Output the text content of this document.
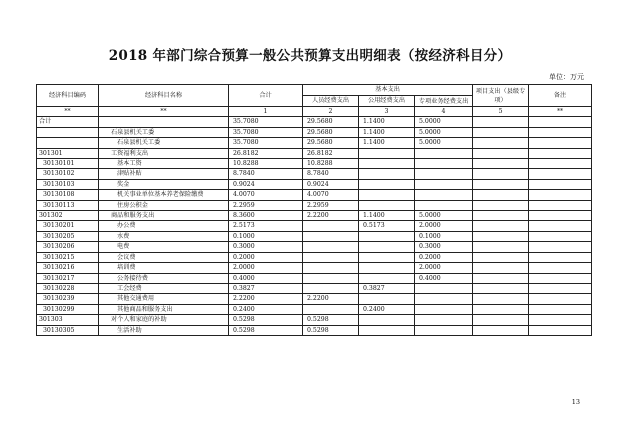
2018 年部门综合预算一般公共预算支出明细表（按经济科目分）
单位：万元
经济科目编码	经济科目名称	合计	基本支出			项目支出（县级专项）	备注
			人员经费支出	公用经费支出	专项业务经费支出		

**	**	1	2	3	4	5	**
合计		35.7080	29.5680	1.1400	5.0000		
	石泉县机关工委	35.7080	29.5680	1.1400	5.0000		
	石泉县机关工委	35.7080	29.5680	1.1400	5.0000		
301301	工资福利支出	26.8182	26.8182				
30130101	基本工资	10.8288	10.8288				
30130102	津贴补贴	8.7840	8.7840				
30130103	奖金	0.9024	0.9024				
30130108	机关事业单位基本养老保险缴费	4.0070	4.0070				
30130113	住房公积金	2.2959	2.2959				
301302	商品和服务支出	8.3600	2.2200	1.1400	5.0000		
30130201	办公费	2.5173		0.5173	2.0000		
30130205	水费	0.1000			0.1000		
30130206	电费	0.3000			0.3000		
30130215	会议费	0.2000			0.2000		
30130216	培训费	2.0000			2.0000		
30130217	公务接待费	0.4000			0.4000		
30130228	工会经费	0.3827		0.3827			
30130239	其他交通费用	2.2200	2.2200				
30130299	其他商品和服务支出	0.2400		0.2400			
301303	对个人和家庭的补助	0.5298	0.5298				
30130305	生活补助	0.5298	0.5298				
13
